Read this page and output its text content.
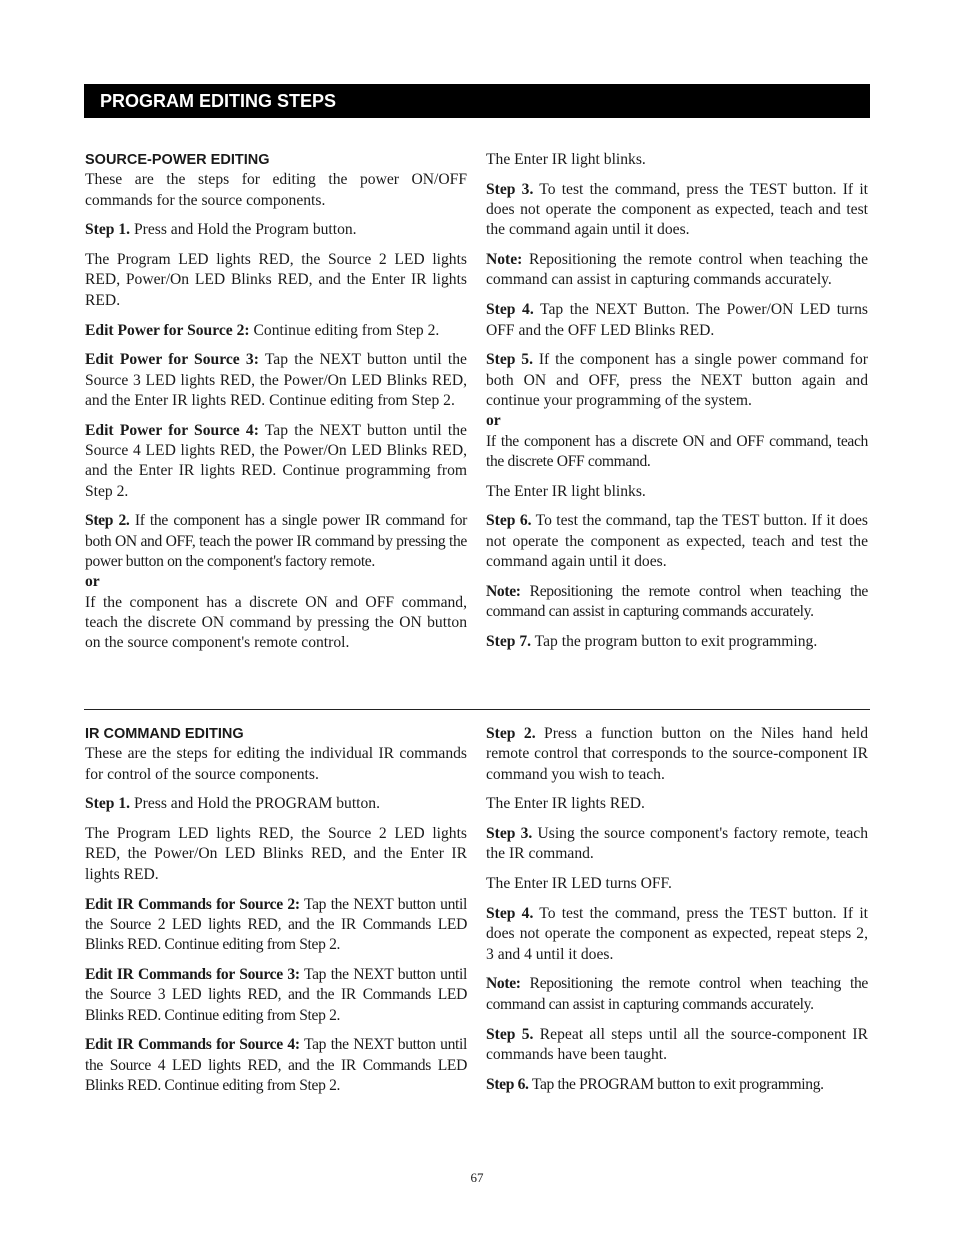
PROGRAM EDITING STEPS

SOURCE-POWER EDITING

These are the steps for editing the power ON/OFF commands for the source components.

Step 1. Press and Hold the Program button.

The Program LED lights RED, the Source 2 LED lights RED, Power/On LED Blinks RED, and the Enter IR lights RED.

Edit Power for Source 2: Continue editing from Step 2.

Edit Power for Source 3: Tap the NEXT button until the Source 3 LED lights RED, the Power/On LED Blinks RED, and the Enter IR lights RED. Continue editing from Step 2.

Edit Power for Source 4: Tap the NEXT button until the Source 4 LED lights RED, the Power/On LED Blinks RED, and the Enter IR lights RED. Continue programming from Step 2.

Step 2. If the component has a single power IR command for both ON and OFF, teach the power IR command by pressing the power button on the component's factory remote.

or

If the component has a discrete ON and OFF command, teach the discrete ON command by pressing the ON button on the source component's remote control.

The Enter IR light blinks.

Step 3. To test the command, press the TEST button. If it does not operate the component as expected, teach and test the command again until it does.

Note: Repositioning the remote control when teaching the command can assist in capturing commands accurately.

Step 4. Tap the NEXT Button. The Power/ON LED turns OFF and the OFF LED Blinks RED.

Step 5. If the component has a single power command for both ON and OFF, press the NEXT button again and continue your programming of the system.

or

If the component has a discrete ON and OFF command, teach the discrete OFF command.

The Enter IR light blinks.

Step 6. To test the command, tap the TEST button. If it does not operate the component as expected, teach and test the command again until it does.

Note: Repositioning the remote control when teaching the command can assist in capturing commands accurately.

Step 7. Tap the program button to exit programming.

IR COMMAND EDITING

These are the steps for editing the individual IR commands for control of the source components.

Step 1. Press and Hold the PROGRAM button.

The Program LED lights RED, the Source 2 LED lights RED, the Power/On LED Blinks RED, and the Enter IR lights RED.

Edit IR Commands for Source 2: Tap the NEXT button until the Source 2 LED lights RED, and the IR Commands LED Blinks RED. Continue editing from Step 2.

Edit IR Commands for Source 3: Tap the NEXT button until the Source 3 LED lights RED, and the IR Commands LED Blinks RED. Continue editing from Step 2.

Edit IR Commands for Source 4: Tap the NEXT button until the Source 4 LED lights RED, and the IR Commands LED Blinks RED. Continue editing from Step 2.

Step 2. Press a function button on the Niles hand held remote control that corresponds to the source-component IR command you wish to teach.

The Enter IR lights RED.

Step 3. Using the source component's factory remote, teach the IR command.

The Enter IR LED turns OFF.

Step 4. To test the command, press the TEST button. If it does not operate the component as expected, repeat steps 2, 3 and 4 until it does.

Note: Repositioning the remote control when teaching the command can assist in capturing commands accurately.

Step 5. Repeat all steps until all the source-component IR commands have been taught.

Step 6. Tap the PROGRAM button to exit programming.

67
